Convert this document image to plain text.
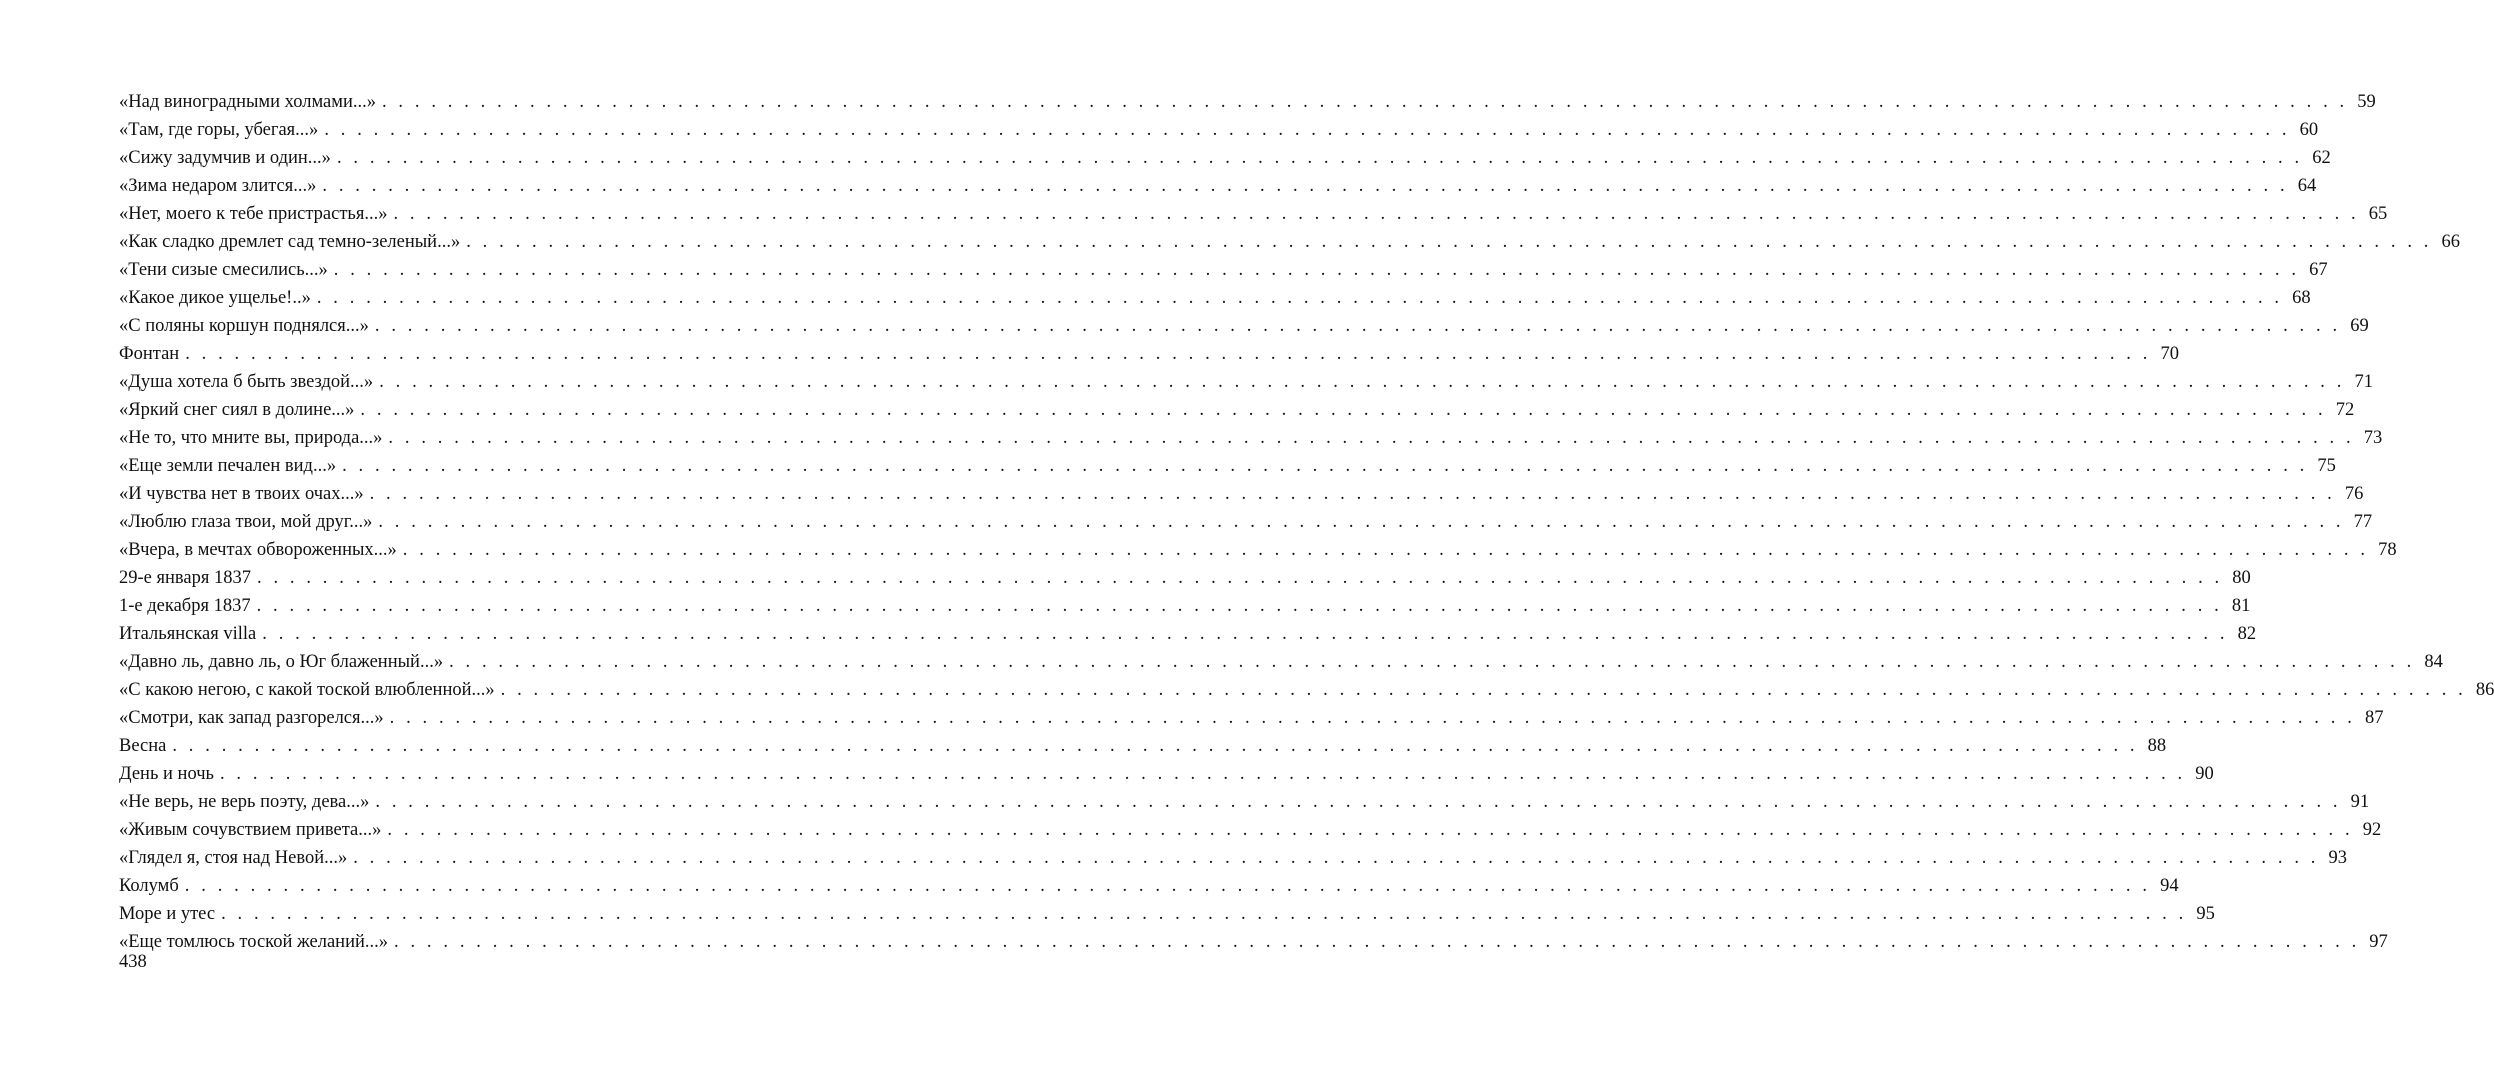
«Над виноградными холмами...» . . . . . . . . . . . . . . . . . . . . . . . . . . . . . . . . . . . . . . . . . . . . . . . . . . . . . . . . . . . . . . . . . . . . . . . . . . . . . . . . . . . . . . . . . . . . . . . . . . . . . . . . . . . . . . . . . . . . . . . . 59
«Там, где горы, убегая...» . . . . . . . . . . . . . . . . . . . . . . . . . . . . . . . . . . . . . . . . . . . . . . . . . . . . . . . . . . . . . . . . . . . . . . . . . . . . . . . . . . . . . . . . . . . . . . . . . . . . . . . . . . . . . . . . . . . . . . . . 60
«Сижу задумчив и один...» . . . . . . . . . . . . . . . . . . . . . . . . . . . . . . . . . . . . . . . . . . . . . . . . . . . . . . . . . . . . . . . . . . . . . . . . . . . . . . . . . . . . . . . . . . . . . . . . . . . . . . . . . . . . . . . . . . . . . . . . 62
«Зима недаром злится...» . . . . . . . . . . . . . . . . . . . . . . . . . . . . . . . . . . . . . . . . . . . . . . . . . . . . . . . . . . . . . . . . . . . . . . . . . . . . . . . . . . . . . . . . . . . . . . . . . . . . . . . . . . . . . . . . . . . . . . . . 64
«Нет, моего к тебе пристрастья...» . . . . . . . . . . . . . . . . . . . . . . . . . . . . . . . . . . . . . . . . . . . . . . . . . . . . . . . . . . . . . . . . . . . . . . . . . . . . . . . . . . . . . . . . . . . . . . . . . . . . . . . . . . . . . . . . . . . . . . . . 65
«Как сладко дремлет сад темно-зеленый...» . . . . . . . . . . . . . . . . . . . . . . . . . . . . . . . . . . . . . . . . . . . . . . . . . . . . . . . . . . . . . . . . . . . . . . . . . . . . . . . . . . . . . . . . . . . . . . . . . . . . . . . . . . . . . . . . . . . . . . . . 66
«Тени сизые смесились...» . . . . . . . . . . . . . . . . . . . . . . . . . . . . . . . . . . . . . . . . . . . . . . . . . . . . . . . . . . . . . . . . . . . . . . . . . . . . . . . . . . . . . . . . . . . . . . . . . . . . . . . . . . . . . . . . . . . . . . . . 67
«Какое дикое ущелье!..» . . . . . . . . . . . . . . . . . . . . . . . . . . . . . . . . . . . . . . . . . . . . . . . . . . . . . . . . . . . . . . . . . . . . . . . . . . . . . . . . . . . . . . . . . . . . . . . . . . . . . . . . . . . . . . . . . . . . . . . . 68
«С поляны коршун поднялся...» . . . . . . . . . . . . . . . . . . . . . . . . . . . . . . . . . . . . . . . . . . . . . . . . . . . . . . . . . . . . . . . . . . . . . . . . . . . . . . . . . . . . . . . . . . . . . . . . . . . . . . . . . . . . . . . . . . . . . . . . 69
Фонтан . . . . . . . . . . . . . . . . . . . . . . . . . . . . . . . . . . . . . . . . . . . . . . . . . . . . . . . . . . . . . . . . . . . . . . . . . . . . . . . . . . . . . . . . . . . . . . . . . . . . . . . . . . . . . . . . . . . . . . . . 70
«Душа хотела б быть звездой...» . . . . . . . . . . . . . . . . . . . . . . . . . . . . . . . . . . . . . . . . . . . . . . . . . . . . . . . . . . . . . . . . . . . . . . . . . . . . . . . . . . . . . . . . . . . . . . . . . . . . . . . . . . . . . . . . . . . . . . . . 71
«Яркий снег сиял в долине...» . . . . . . . . . . . . . . . . . . . . . . . . . . . . . . . . . . . . . . . . . . . . . . . . . . . . . . . . . . . . . . . . . . . . . . . . . . . . . . . . . . . . . . . . . . . . . . . . . . . . . . . . . . . . . . . . . . . . . . . . 72
«Не то, что мните вы, природа...» . . . . . . . . . . . . . . . . . . . . . . . . . . . . . . . . . . . . . . . . . . . . . . . . . . . . . . . . . . . . . . . . . . . . . . . . . . . . . . . . . . . . . . . . . . . . . . . . . . . . . . . . . . . . . . . . . . . . . . . . 73
«Еще земли печален вид...» . . . . . . . . . . . . . . . . . . . . . . . . . . . . . . . . . . . . . . . . . . . . . . . . . . . . . . . . . . . . . . . . . . . . . . . . . . . . . . . . . . . . . . . . . . . . . . . . . . . . . . . . . . . . . . . . . . . . . . . . 75
«И чувства нет в твоих очах...» . . . . . . . . . . . . . . . . . . . . . . . . . . . . . . . . . . . . . . . . . . . . . . . . . . . . . . . . . . . . . . . . . . . . . . . . . . . . . . . . . . . . . . . . . . . . . . . . . . . . . . . . . . . . . . . . . . . . . . . . 76
«Люблю глаза твои, мой друг...» . . . . . . . . . . . . . . . . . . . . . . . . . . . . . . . . . . . . . . . . . . . . . . . . . . . . . . . . . . . . . . . . . . . . . . . . . . . . . . . . . . . . . . . . . . . . . . . . . . . . . . . . . . . . . . . . . . . . . . . . 77
«Вчера, в мечтах обвороженных...» . . . . . . . . . . . . . . . . . . . . . . . . . . . . . . . . . . . . . . . . . . . . . . . . . . . . . . . . . . . . . . . . . . . . . . . . . . . . . . . . . . . . . . . . . . . . . . . . . . . . . . . . . . . . . . . . . . . . . . . . 78
29-е января 1837 . . . . . . . . . . . . . . . . . . . . . . . . . . . . . . . . . . . . . . . . . . . . . . . . . . . . . . . . . . . . . . . . . . . . . . . . . . . . . . . . . . . . . . . . . . . . . . . . . . . . . . . . . . . . . . . . . . . . . . . . 80
1-е декабря 1837 . . . . . . . . . . . . . . . . . . . . . . . . . . . . . . . . . . . . . . . . . . . . . . . . . . . . . . . . . . . . . . . . . . . . . . . . . . . . . . . . . . . . . . . . . . . . . . . . . . . . . . . . . . . . . . . . . . . . . . . . 81
Итальянская villa . . . . . . . . . . . . . . . . . . . . . . . . . . . . . . . . . . . . . . . . . . . . . . . . . . . . . . . . . . . . . . . . . . . . . . . . . . . . . . . . . . . . . . . . . . . . . . . . . . . . . . . . . . . . . . . . . . . . . . . . 82
«Давно ль, давно ль, о Юг блаженный...» . . . . . . . . . . . . . . . . . . . . . . . . . . . . . . . . . . . . . . . . . . . . . . . . . . . . . . . . . . . . . . . . . . . . . . . . . . . . . . . . . . . . . . . . . . . . . . . . . . . . . . . . . . . . . . . . . . . . . . . . 84
«С какою негою, с какой тоской влюбленной...» . . . . . . . . . . . . . . . . . . . . . . . . . . . . . . . . . . . . . . . . . . . . . . . . . . . . . . . . . . . . . . . . . . . . . . . . . . . . . . . . . . . . . . . . . . . . . . . . . . . . . . . . . . . . . . . . . . . . . . . . 86
«Смотри, как запад разгорелся...» . . . . . . . . . . . . . . . . . . . . . . . . . . . . . . . . . . . . . . . . . . . . . . . . . . . . . . . . . . . . . . . . . . . . . . . . . . . . . . . . . . . . . . . . . . . . . . . . . . . . . . . . . . . . . . . . . . . . . . . . 87
Весна . . . . . . . . . . . . . . . . . . . . . . . . . . . . . . . . . . . . . . . . . . . . . . . . . . . . . . . . . . . . . . . . . . . . . . . . . . . . . . . . . . . . . . . . . . . . . . . . . . . . . . . . . . . . . . . . . . . . . . . . 88
День и ночь . . . . . . . . . . . . . . . . . . . . . . . . . . . . . . . . . . . . . . . . . . . . . . . . . . . . . . . . . . . . . . . . . . . . . . . . . . . . . . . . . . . . . . . . . . . . . . . . . . . . . . . . . . . . . . . . . . . . . . . . 90
«Не верь, не верь поэту, дева...» . . . . . . . . . . . . . . . . . . . . . . . . . . . . . . . . . . . . . . . . . . . . . . . . . . . . . . . . . . . . . . . . . . . . . . . . . . . . . . . . . . . . . . . . . . . . . . . . . . . . . . . . . . . . . . . . . . . . . . . . 91
«Живым сочувствием привета...» . . . . . . . . . . . . . . . . . . . . . . . . . . . . . . . . . . . . . . . . . . . . . . . . . . . . . . . . . . . . . . . . . . . . . . . . . . . . . . . . . . . . . . . . . . . . . . . . . . . . . . . . . . . . . . . . . . . . . . . . 92
«Глядел я, стоя над Невой...» . . . . . . . . . . . . . . . . . . . . . . . . . . . . . . . . . . . . . . . . . . . . . . . . . . . . . . . . . . . . . . . . . . . . . . . . . . . . . . . . . . . . . . . . . . . . . . . . . . . . . . . . . . . . . . . . . . . . . . . . 93
Колумб . . . . . . . . . . . . . . . . . . . . . . . . . . . . . . . . . . . . . . . . . . . . . . . . . . . . . . . . . . . . . . . . . . . . . . . . . . . . . . . . . . . . . . . . . . . . . . . . . . . . . . . . . . . . . . . . . . . . . . . . 94
Море и утес . . . . . . . . . . . . . . . . . . . . . . . . . . . . . . . . . . . . . . . . . . . . . . . . . . . . . . . . . . . . . . . . . . . . . . . . . . . . . . . . . . . . . . . . . . . . . . . . . . . . . . . . . . . . . . . . . . . . . . . . 95
«Еще томлюсь тоской желаний...» . . . . . . . . . . . . . . . . . . . . . . . . . . . . . . . . . . . . . . . . . . . . . . . . . . . . . . . . . . . . . . . . . . . . . . . . . . . . . . . . . . . . . . . . . . . . . . . . . . . . . . . . . . . . . . . . . . . . . . . . 97
438
